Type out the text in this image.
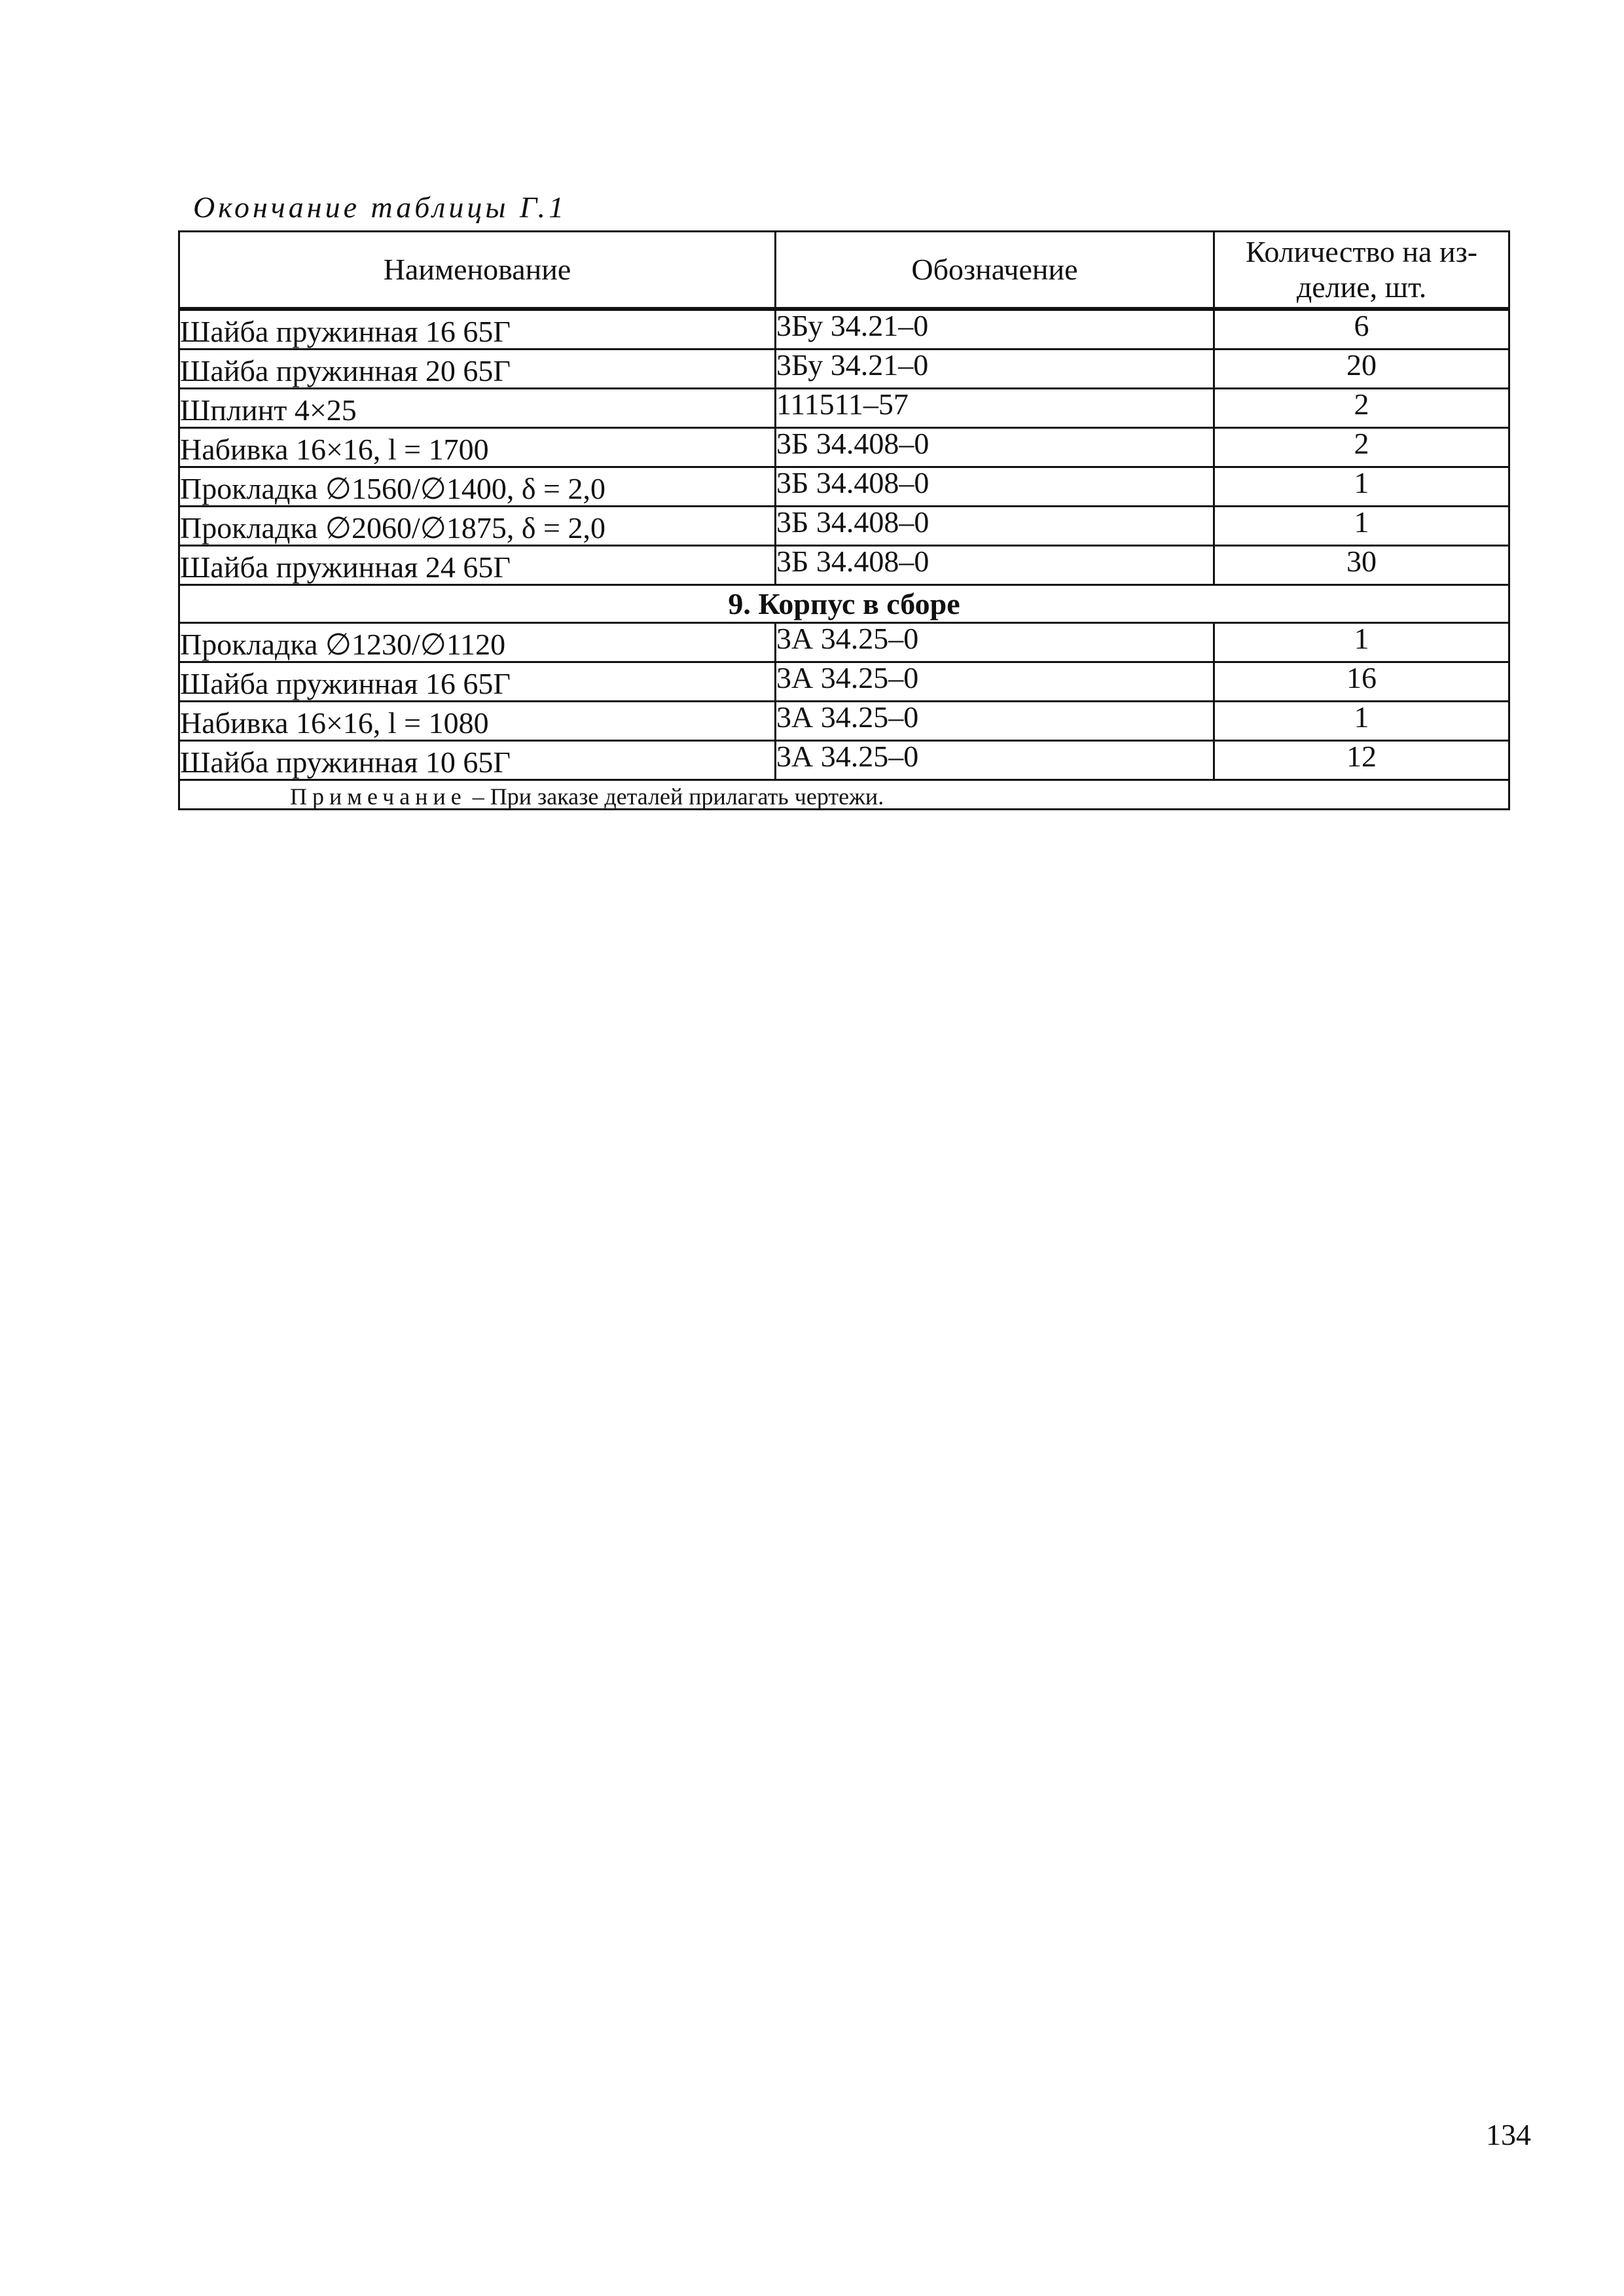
Окончание таблицы Г.1
Наименование	Обозначение	Количество на из-делие, шт.
Шайба пружинная 16 65Г	3Бу 34.21–0	6
Шайба пружинная 20 65Г	3Бу 34.21–0	20
Шплинт 4×25	111511–57	2
Набивка 16×16, l = 1700	3Б 34.408–0	2
Прокладка ∅1560/∅1400, δ = 2,0	3Б 34.408–0	1
Прокладка ∅2060/∅1875, δ = 2,0	3Б 34.408–0	1
Шайба пружинная 24 65Г	3Б 34.408–0	30
9. Корпус в сборе		
Прокладка ∅1230/∅1120	3А 34.25–0	1
Шайба пружинная 16 65Г	3А 34.25–0	16
Набивка 16×16, l = 1080	3А 34.25–0	1
Шайба пружинная 10 65Г	3А 34.25–0	12
Примечание – При заказе деталей прилагать чертежи.		
134
